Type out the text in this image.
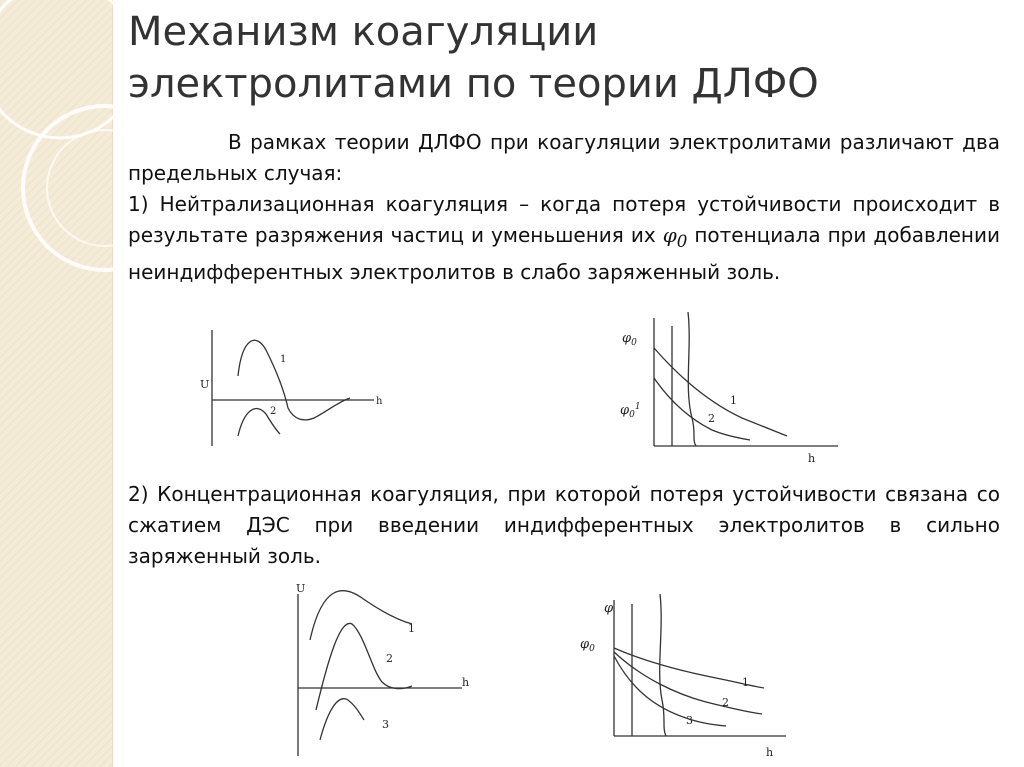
Механизм коагуляции
электролитами по теории ДЛФО

В рамках теории ДЛФО при коагуляции электролитами различают два предельных случая:
1) Нейтрализационная коагуляция – когда потеря устойчивости происходит в результате разряжения частиц и уменьшения их $\varphi_0$ потенциала при добавлении неиндифферентных электролитов в слабо заряженный золь.

2) Концентрационная коагуляция, при которой потеря устойчивости связана со сжатием ДЭС при введении индифферентных электролитов в сильно заряженный золь.

U
h
1
2
$\varphi_0$
$\varphi_0^1$
h
1
2
U
h
1
2
3
φ
$\varphi_0$
h
1
2
3
